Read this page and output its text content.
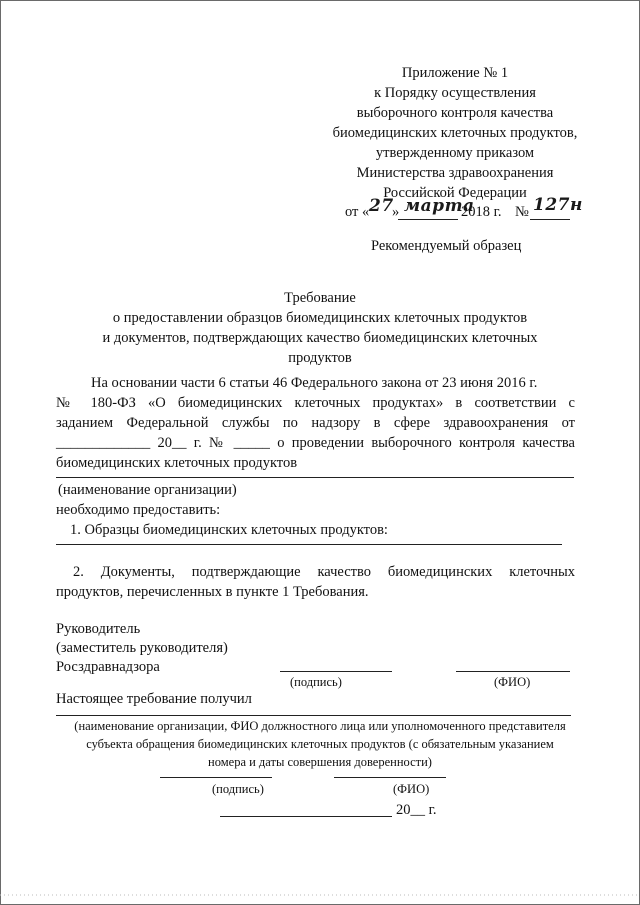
Приложение № 1
к Порядку осуществления
выборочного контроля качества
биомедицинских клеточных продуктов,
утвержденному приказом
Министерства здравоохранения
Российской Федерации
от « 27
» марта
2018 г. № 127н
Рекомендуемый образец
Требование
о предоставлении образцов биомедицинских клеточных продуктов
и документов, подтверждающих качество биомедицинских клеточных
продуктов
На основании части 6 статьи 46 Федерального закона от 23 июня 2016 г.
№ 180-ФЗ «О биомедицинских клеточных продуктах» в соответствии с
заданием Федеральной службы по надзору в сфере здравоохранения от
_____________ 20__ г. № _____ о проведении выборочного контроля качества
биомедицинских клеточных продуктов
(наименование организации)
необходимо предоставить:
1. Образцы биомедицинских клеточных продуктов:
2. Документы, подтверждающие качество биомедицинских клеточных
продуктов, перечисленных в пункте 1 Требования.
Руководитель
(заместитель руководителя)
Росздравнадзора
(подпись)	(ФИО)
Настоящее требование получил
(наименование организации, ФИО должностного лица или уполномоченного представителя
субъекта обращения биомедицинских клеточных продуктов (с обязательным указанием
номера и даты совершения доверенности)
(подпись)	(ФИО)
20__ г.
